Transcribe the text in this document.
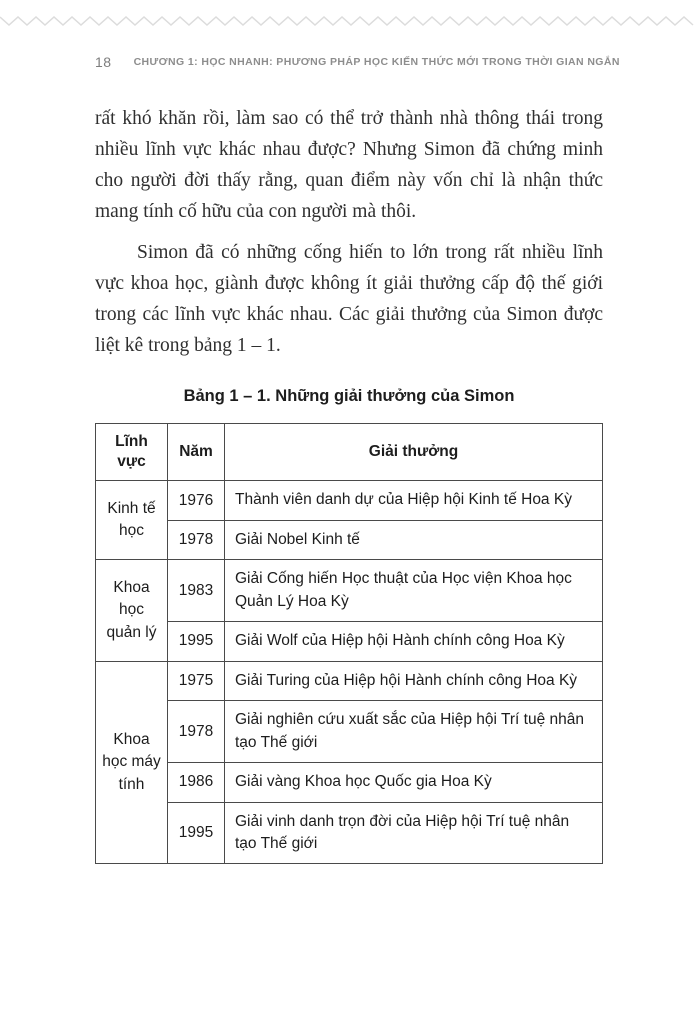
18 CHƯƠNG 1: HỌC NHANH: PHƯƠNG PHÁP HỌC KIẾN THỨC MỚI TRONG THỜI GIAN NGẮN

rất khó khăn rồi, làm sao có thể trở thành nhà thông thái trong nhiều lĩnh vực khác nhau được? Nhưng Simon đã chứng minh cho người đời thấy rằng, quan điểm này vốn chỉ là nhận thức mang tính cố hữu của con người mà thôi.

Simon đã có những cống hiến to lớn trong rất nhiều lĩnh vực khoa học, giành được không ít giải thưởng cấp độ thế giới trong các lĩnh vực khác nhau. Các giải thưởng của Simon được liệt kê trong bảng 1 – 1.

Bảng 1 – 1. Những giải thưởng của Simon
Lĩnh vực	Năm	Giải thưởng
Kinh tế học	1976	Thành viên danh dự của Hiệp hội Kinh tế Hoa Kỳ
	1978	Giải Nobel Kinh tế
Khoa học quản lý	1983	Giải Cống hiến Học thuật của Học viện Khoa học Quản Lý Hoa Kỳ
	1995	Giải Wolf của Hiệp hội Hành chính công Hoa Kỳ
Khoa học máy tính	1975	Giải Turing của Hiệp hội Hành chính công Hoa Kỳ
	1978	Giải nghiên cứu xuất sắc của Hiệp hội Trí tuệ nhân tạo Thế giới
	1986	Giải vàng Khoa học Quốc gia Hoa Kỳ
	1995	Giải vinh danh trọn đời của Hiệp hội Trí tuệ nhân tạo Thế giới
